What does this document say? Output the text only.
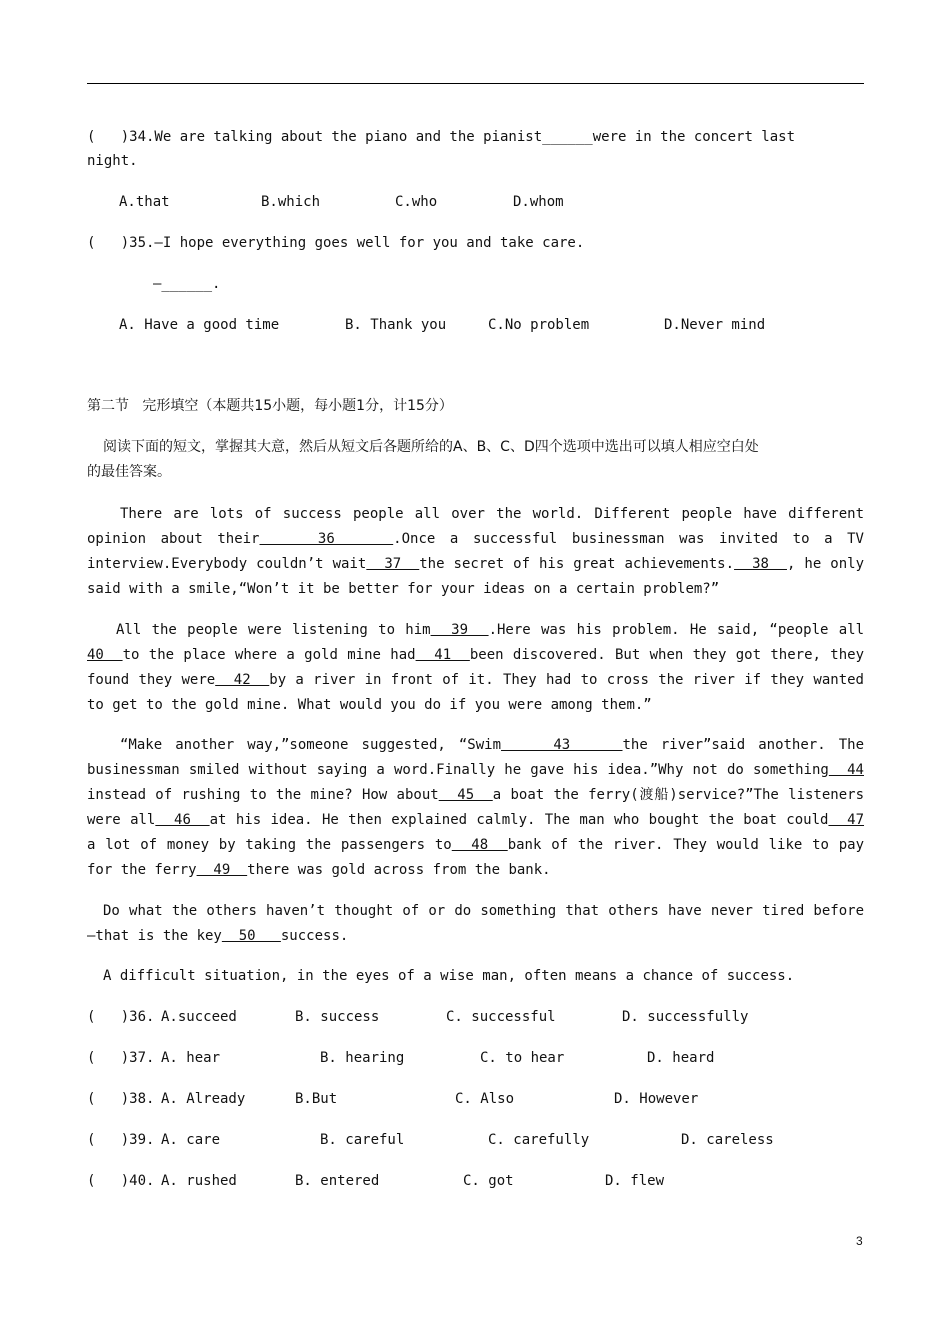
(   )34.We are talking about the piano and the pianist______were in the concert last
night.
A.that	B.which	C.who	D.whom
(   )35.—I hope everything goes well for you and take care.
—______.
A. Have a good time	B. Thank you	C.No problem	D.Never mind
第二节   完形填空（本题共15小题，每小题1分，计15分）
阅读下面的短文，掌握其大意，然后从短文后各题所给的A、B、C、D四个选项中选出可以填人相应空白处
的最佳答案。
There are lots of success people all over the world. Different people have different
opinion about their    36    .Once a successful businessman was invited to a TV
interview.Everybody couldn’t wait  37  the secret of his great achievements.  38  , he only
said with a smile,“Won’t it be better for your ideas on a certain problem?”
All the people were listening to him  39  .Here was his problem. He said, “people all
40  to the place where a gold mine had  41  been discovered. But when they got there, they
found they were  42  by a river in front of it. They had to cross the river if they wanted
to get to the gold mine. What would you do if you were among them.”
“Make another way,”someone suggested, “Swim    43    the river”said another. The
businessman smiled without saying a word.Finally he gave his idea.”Why not do something  44
instead of rushing to the mine? How about  45  a boat the ferry(渡船)service?”The listeners
were all  46  at his idea. He then explained calmly. The man who bought the boat could  47
a lot of money by taking the passengers to  48  bank of the river. They would like to pay
for the ferry  49  there was gold across from the bank.
Do what the others haven’t thought of or do something that others have never tired before
—that is the key  50   success.
A difficult situation, in the eyes of a wise man, often means a chance of success.
(   )36. A.succeed	B. success	C. successful	D. successfully
(   )37. A. hear	B. hearing	C. to hear	D. heard
(   )38. A. Already	B.But	C. Also	D. However
(   )39. A. care	B. careful	C. carefully	D. careless
(   )40. A. rushed	B. entered	C. got	D. flew
3
